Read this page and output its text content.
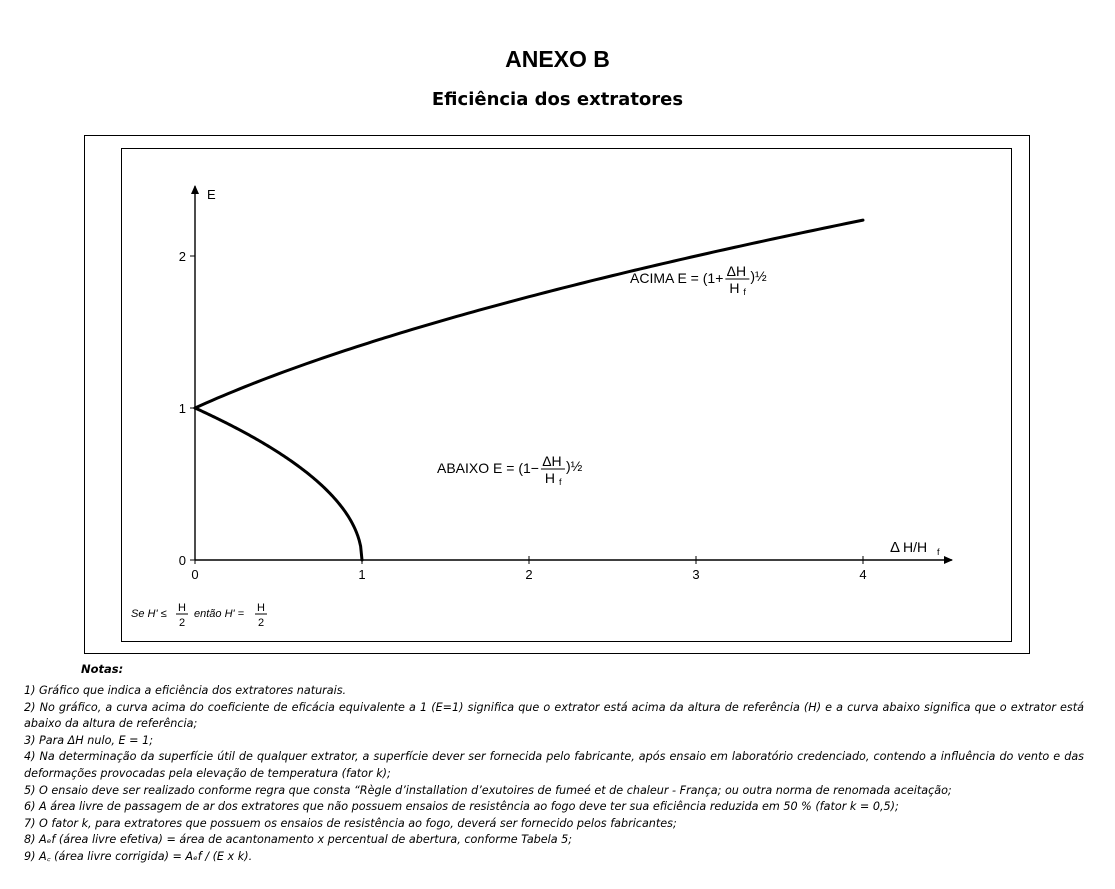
ANEXO B
Eficiência dos extratores
0	1	2	3	4
0
1
2
E
ACIMA E = (1+ ΔH
H f
)½
ABAIXO E = (1− ΔH
H f
)½
Δ H/H f
Se H' ≤ H
2
então H' = H
2
Notas:
1) Gráfico que indica a eficiência dos extratores naturais.
2) No gráfico, a curva acima do coeficiente de eficácia equivalente a 1 (E=1) significa que o extrator está acima da altura de referência (H) e a curva abaixo significa que o extrator está abaixo da altura de referência;
3) Para ΔH nulo, E = 1;
4) Na determinação da superfície útil de qualquer extrator, a superfície dever ser fornecida pelo fabricante, após ensaio em laboratório credenciado, contendo a influência do vento e das deformações provocadas pela elevação de temperatura (fator k);
5) O ensaio deve ser realizado conforme regra que consta “Règle d’installation d’exutoires de fumeé et de chaleur - França; ou outra norma de renomada aceitação;
6) A área livre de passagem de ar dos extratores que não possuem ensaios de resistência ao fogo deve ter sua eficiência reduzida em 50 % (fator k = 0,5);
7) O fator k, para extratores que possuem os ensaios de resistência ao fogo, deverá ser fornecido pelos fabricantes;
8) Aₑf (área livre efetiva) = área de acantonamento x percentual de abertura, conforme Tabela 5;
9) A꜀ (área livre corrigida) = Aₑf / (E x k).
